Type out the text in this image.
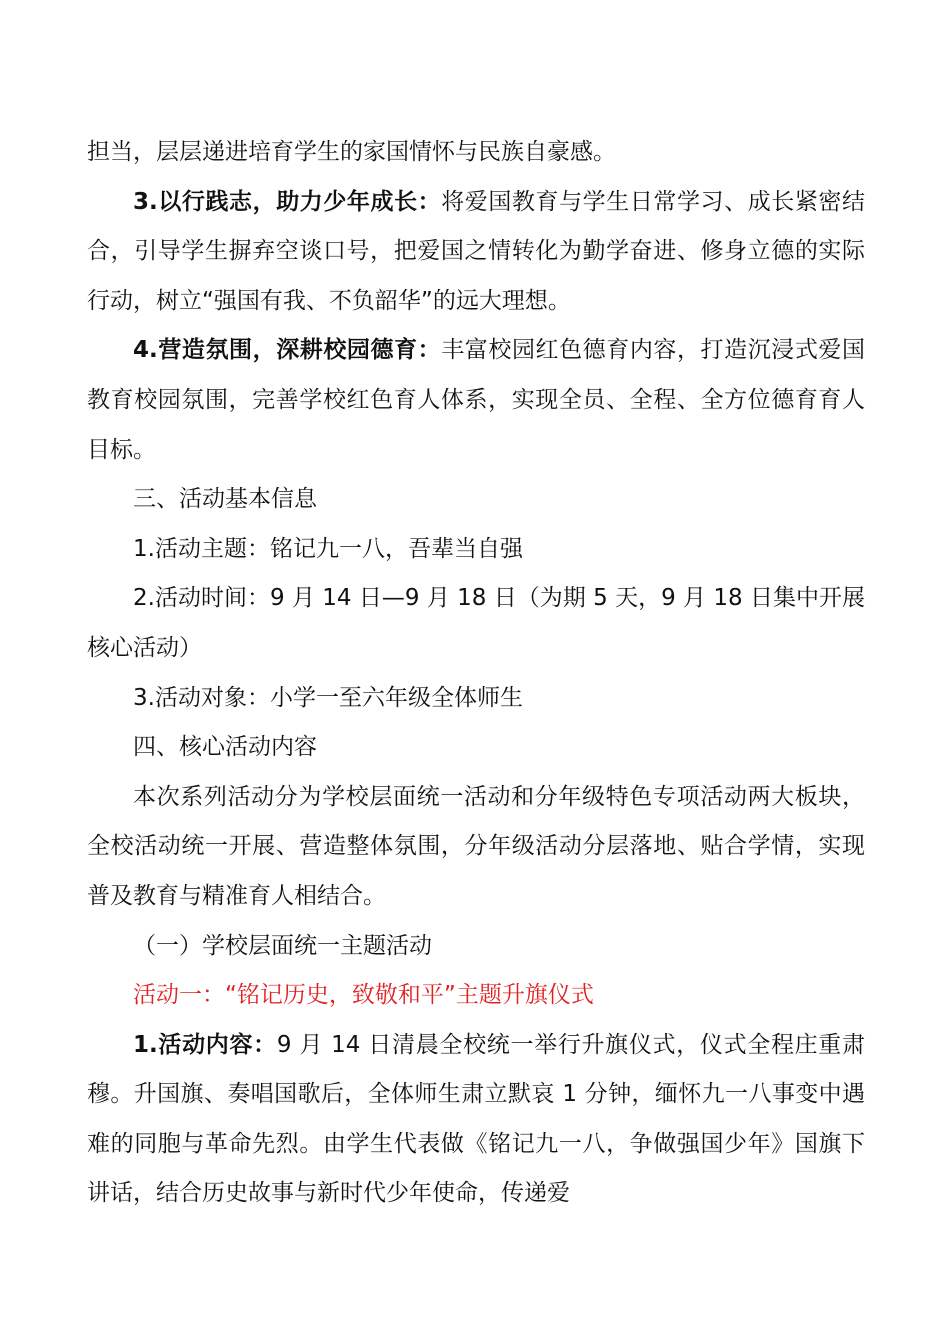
担当，层层递进培育学生的家国情怀与民族自豪感。

3.以行践志，助力少年成长：将爱国教育与学生日常学习、成长紧密结合，引导学生摒弃空谈口号，把爱国之情转化为勤学奋进、修身立德的实际行动，树立“强国有我、不负韶华”的远大理想。

4.营造氛围，深耕校园德育：丰富校园红色德育内容，打造沉浸式爱国教育校园氛围，完善学校红色育人体系，实现全员、全程、全方位德育育人目标。

三、活动基本信息

1.活动主题：铭记九一八，吾辈当自强

2.活动时间：9 月 14 日—9 月 18 日（为期 5 天，9 月 18 日集中开展核心活动）

3.活动对象：小学一至六年级全体师生

四、核心活动内容

本次系列活动分为学校层面统一活动和分年级特色专项活动两大板块，全校活动统一开展、营造整体氛围，分年级活动分层落地、贴合学情，实现普及教育与精准育人相结合。

（一）学校层面统一主题活动

活动一：“铭记历史，致敬和平”主题升旗仪式

1.活动内容：9 月 14 日清晨全校统一举行升旗仪式，仪式全程庄重肃穆。升国旗、奏唱国歌后，全体师生肃立默哀 1 分钟，缅怀九一八事变中遇难的同胞与革命先烈。由学生代表做《铭记九一八，争做强国少年》国旗下讲话，结合历史故事与新时代少年使命，传递爱
